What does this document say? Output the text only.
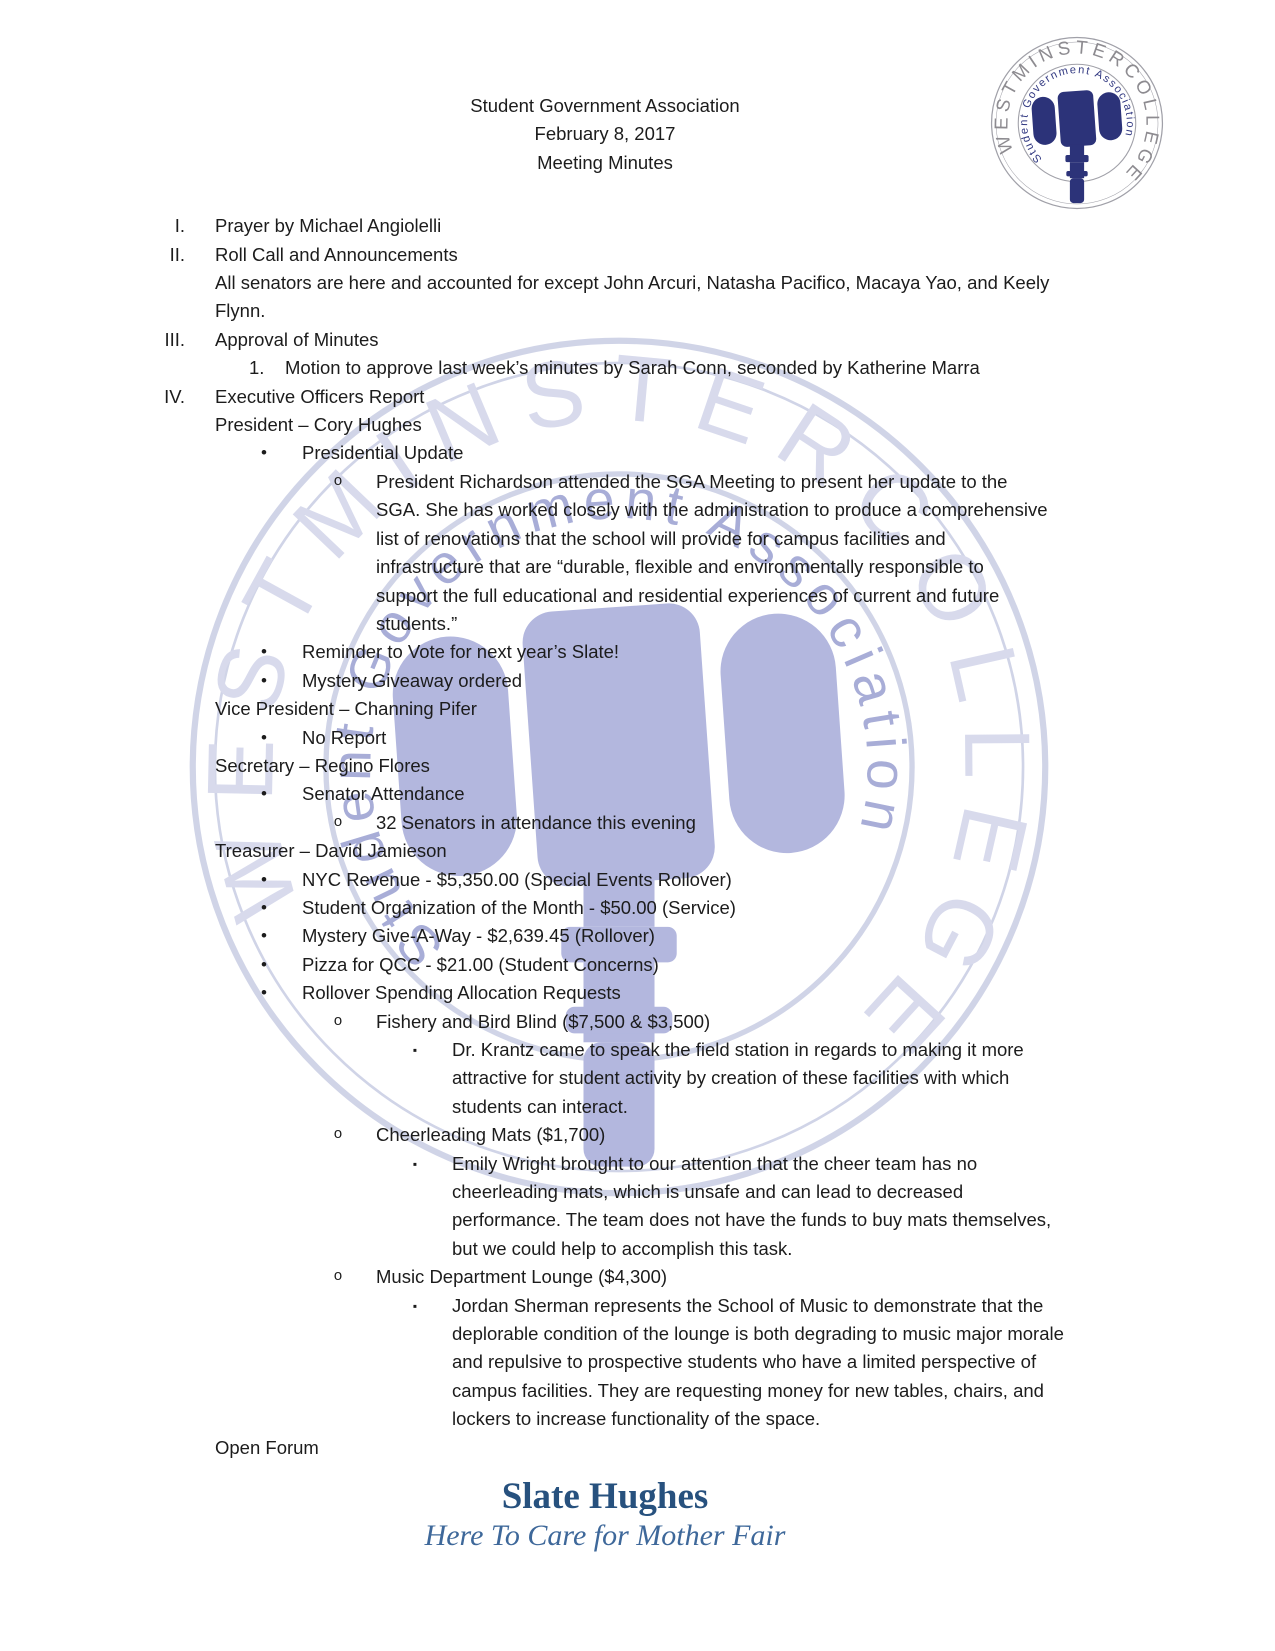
Student Government Association
February 8, 2017
Meeting Minutes
I. Prayer by Michael Angiolelli
II. Roll Call and Announcements
All senators are here and accounted for except John Arcuri, Natasha Pacifico, Macaya Yao, and Keely Flynn.
III. Approval of Minutes
1. Motion to approve last week’s minutes by Sarah Conn, seconded by Katherine Marra
IV. Executive Officers Report
President – Cory Hughes
•	Presidential Update
o President Richardson attended the SGA Meeting to present her update to the SGA. She has worked closely with the administration to produce a comprehensive list of renovations that the school will provide for campus facilities and infrastructure that are “durable, flexible and environmentally responsible to support the full educational and residential experiences of current and future students.”
•	Reminder to Vote for next year’s Slate!
•	Mystery Giveaway ordered
Vice President – Channing Pifer
•	No Report
Secretary – Regino Flores
•	Senator Attendance
o 32 Senators in attendance this evening
Treasurer – David Jamieson
•	NYC Revenue - $5,350.00 (Special Events Rollover)
•	Student Organization of the Month - $50.00 (Service)
•	Mystery Give-A-Way - $2,639.45 (Rollover)
•	Pizza for QCC - $21.00 (Student Concerns)
•	Rollover Spending Allocation Requests
o Fishery and Bird Blind ($7,500 & $3,500)
▪	Dr. Krantz came to speak the field station in regards to making it more attractive for student activity by creation of these facilities with which students can interact.
o Cheerleading Mats ($1,700)
▪	Emily Wright brought to our attention that the cheer team has no cheerleading mats, which is unsafe and can lead to decreased performance. The team does not have the funds to buy mats themselves, but we could help to accomplish this task.
o Music Department Lounge ($4,300)
▪	Jordan Sherman represents the School of Music to demonstrate that the deplorable condition of the lounge is both degrading to music major morale and repulsive to prospective students who have a limited perspective of campus facilities. They are requesting money for new tables, chairs, and lockers to increase functionality of the space.
Open Forum
Slate Hughes
Here To Care for Mother Fair
